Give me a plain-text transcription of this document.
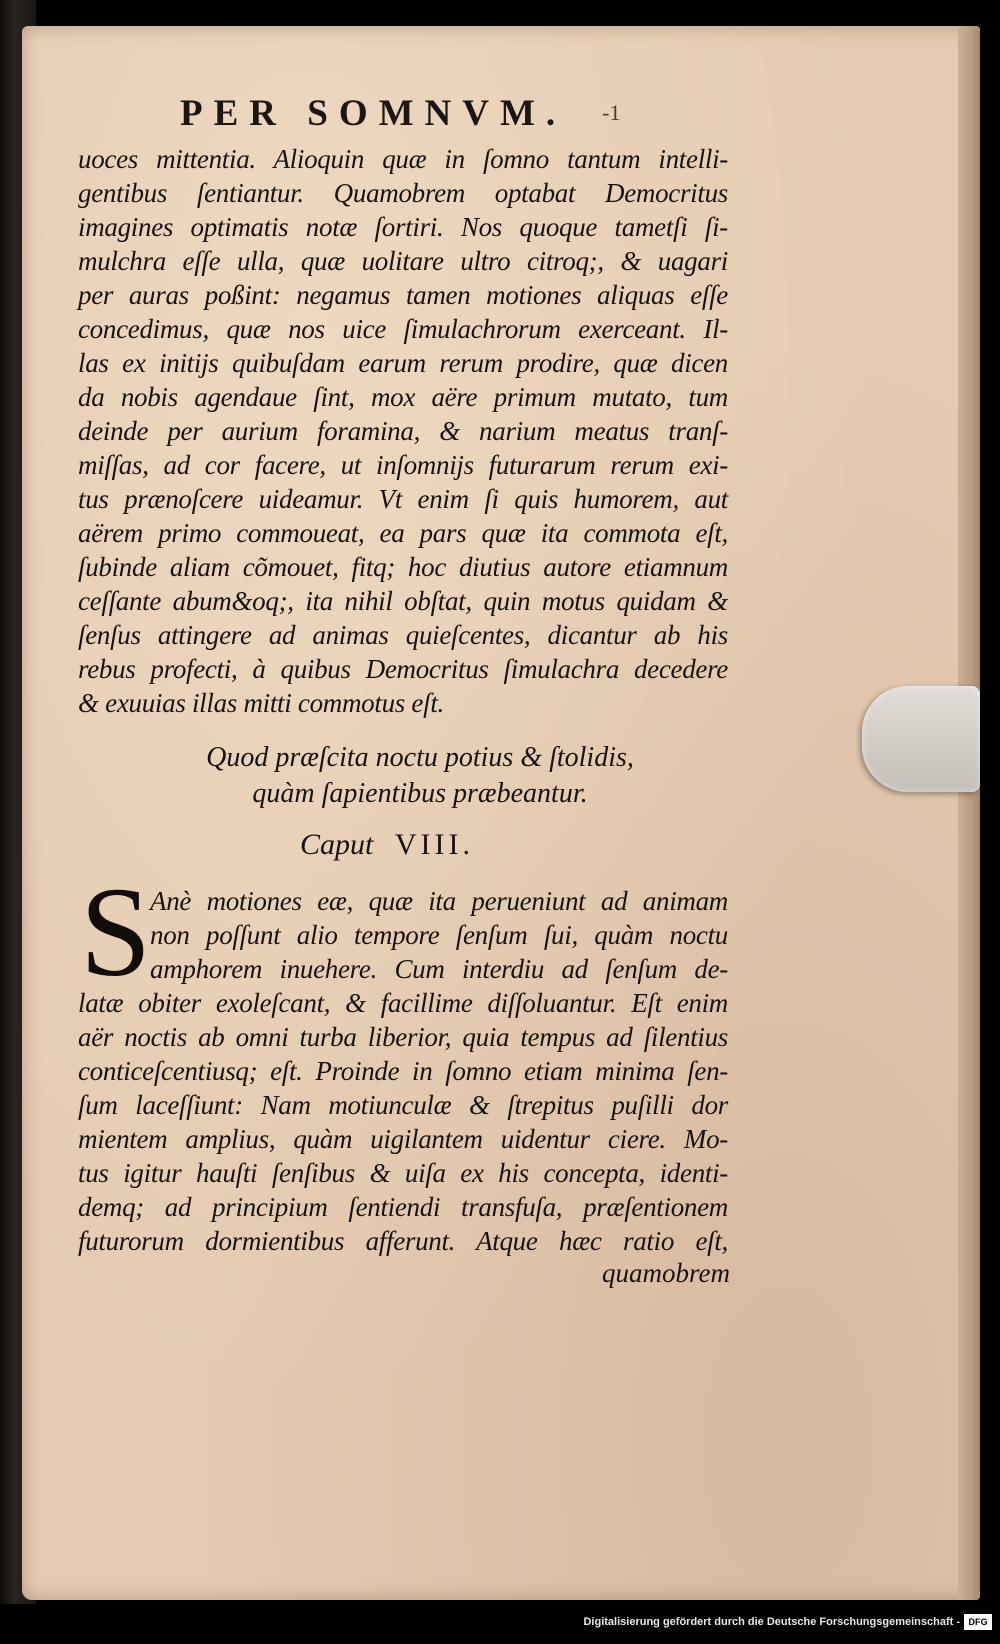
PER SOMNVM. -1
uoces mittentia. Alioquin quæ in ſomno tantum intelli-
gentibus ſentiantur. Quamobrem optabat Democritus
imagines optimatis notæ ſortiri. Nos quoque tametſi ſi-
mulchra eſſe ulla, quæ uolitare ultro citroq;, & uagari
per auras poßint: negamus tamen motiones aliquas eſſe
concedimus, quæ nos uice ſimulachrorum exerceant. Il-
las ex initijs quibuſdam earum rerum prodire, quæ dicen
da nobis agendaue ſint, mox aëre primum mutato, tum
deinde per aurium foramina, & narium meatus tranſ-
miſſas, ad cor facere, ut inſomnijs futurarum rerum exi-
tus prænoſcere uideamur. Vt enim ſi quis humorem, aut
aërem primo commoueat, ea pars quæ ita commota eſt,
ſubinde aliam cõmouet, fitq; hoc diutius autore etiamnum
ceſſante abum&oq;, ita nihil obſtat, quin motus quidam &
ſenſus attingere ad animas quieſcentes, dicantur ab his
rebus profecti, à quibus Democritus ſimulachra decedere
& exuuias illas mitti commotus eſt.
Quod præſcita noctu potius & ſtolidis,
quàm ſapientibus præbeantur.
Caput VIII.
S
Anè motiones eæ, quæ ita perueniunt ad animam
non poſſunt alio tempore ſenſum ſui, quàm noctu
amphorem inuehere. Cum interdiu ad ſenſum de-
latæ obiter exoleſcant, & facillime diſſoluantur. Eſt enim
aër noctis ab omni turba liberior, quia tempus ad ſilentius
conticeſcentiusq; eſt. Proinde in ſomno etiam minima ſen-
ſum laceſſiunt: Nam motiunculæ & ſtrepitus puſilli dor
mientem amplius, quàm uigilantem uidentur ciere. Mo-
tus igitur hauſti ſenſibus & uiſa ex his concepta, identi-
demq; ad principium ſentiendi transfuſa, præſentionem
futurorum dormientibus afferunt. Atque hæc ratio eſt,
quamobrem
Digitalisierung gefördert durch die Deutsche Forschungsgemeinschaft - DFG
